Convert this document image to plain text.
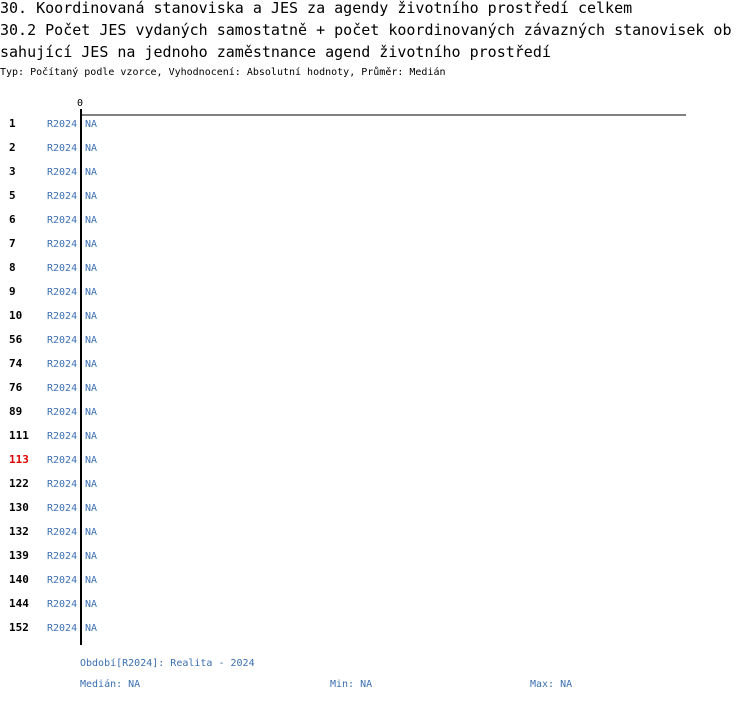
30. Koordinovaná stanoviska a JES za agendy životního prostředí celkem
30.2 Počet JES vydaných samostatně + počet koordinovaných závazných stanovisek ob
sahující JES na jednoho zaměstnance agend životního prostředí
Typ: Počítaný podle vzorce, Vyhodnocení: Absolutní hodnoty, Průměr: Medián
0
1	R2024 NA
2	R2024 NA
3	R2024 NA
5	R2024 NA
6	R2024 NA
7	R2024 NA
8	R2024 NA
9	R2024 NA
10 R2024 NA
56 R2024 NA
74 R2024 NA
76 R2024 NA
89 R2024 NA
111 R2024 NA
113 R2024 NA
122 R2024 NA
130 R2024 NA
132 R2024 NA
139 R2024 NA
140 R2024 NA
144 R2024 NA
152 R2024 NA
Období[R2024]: Realita - 2024
Medián: NA	Min: NA	Max: NA
